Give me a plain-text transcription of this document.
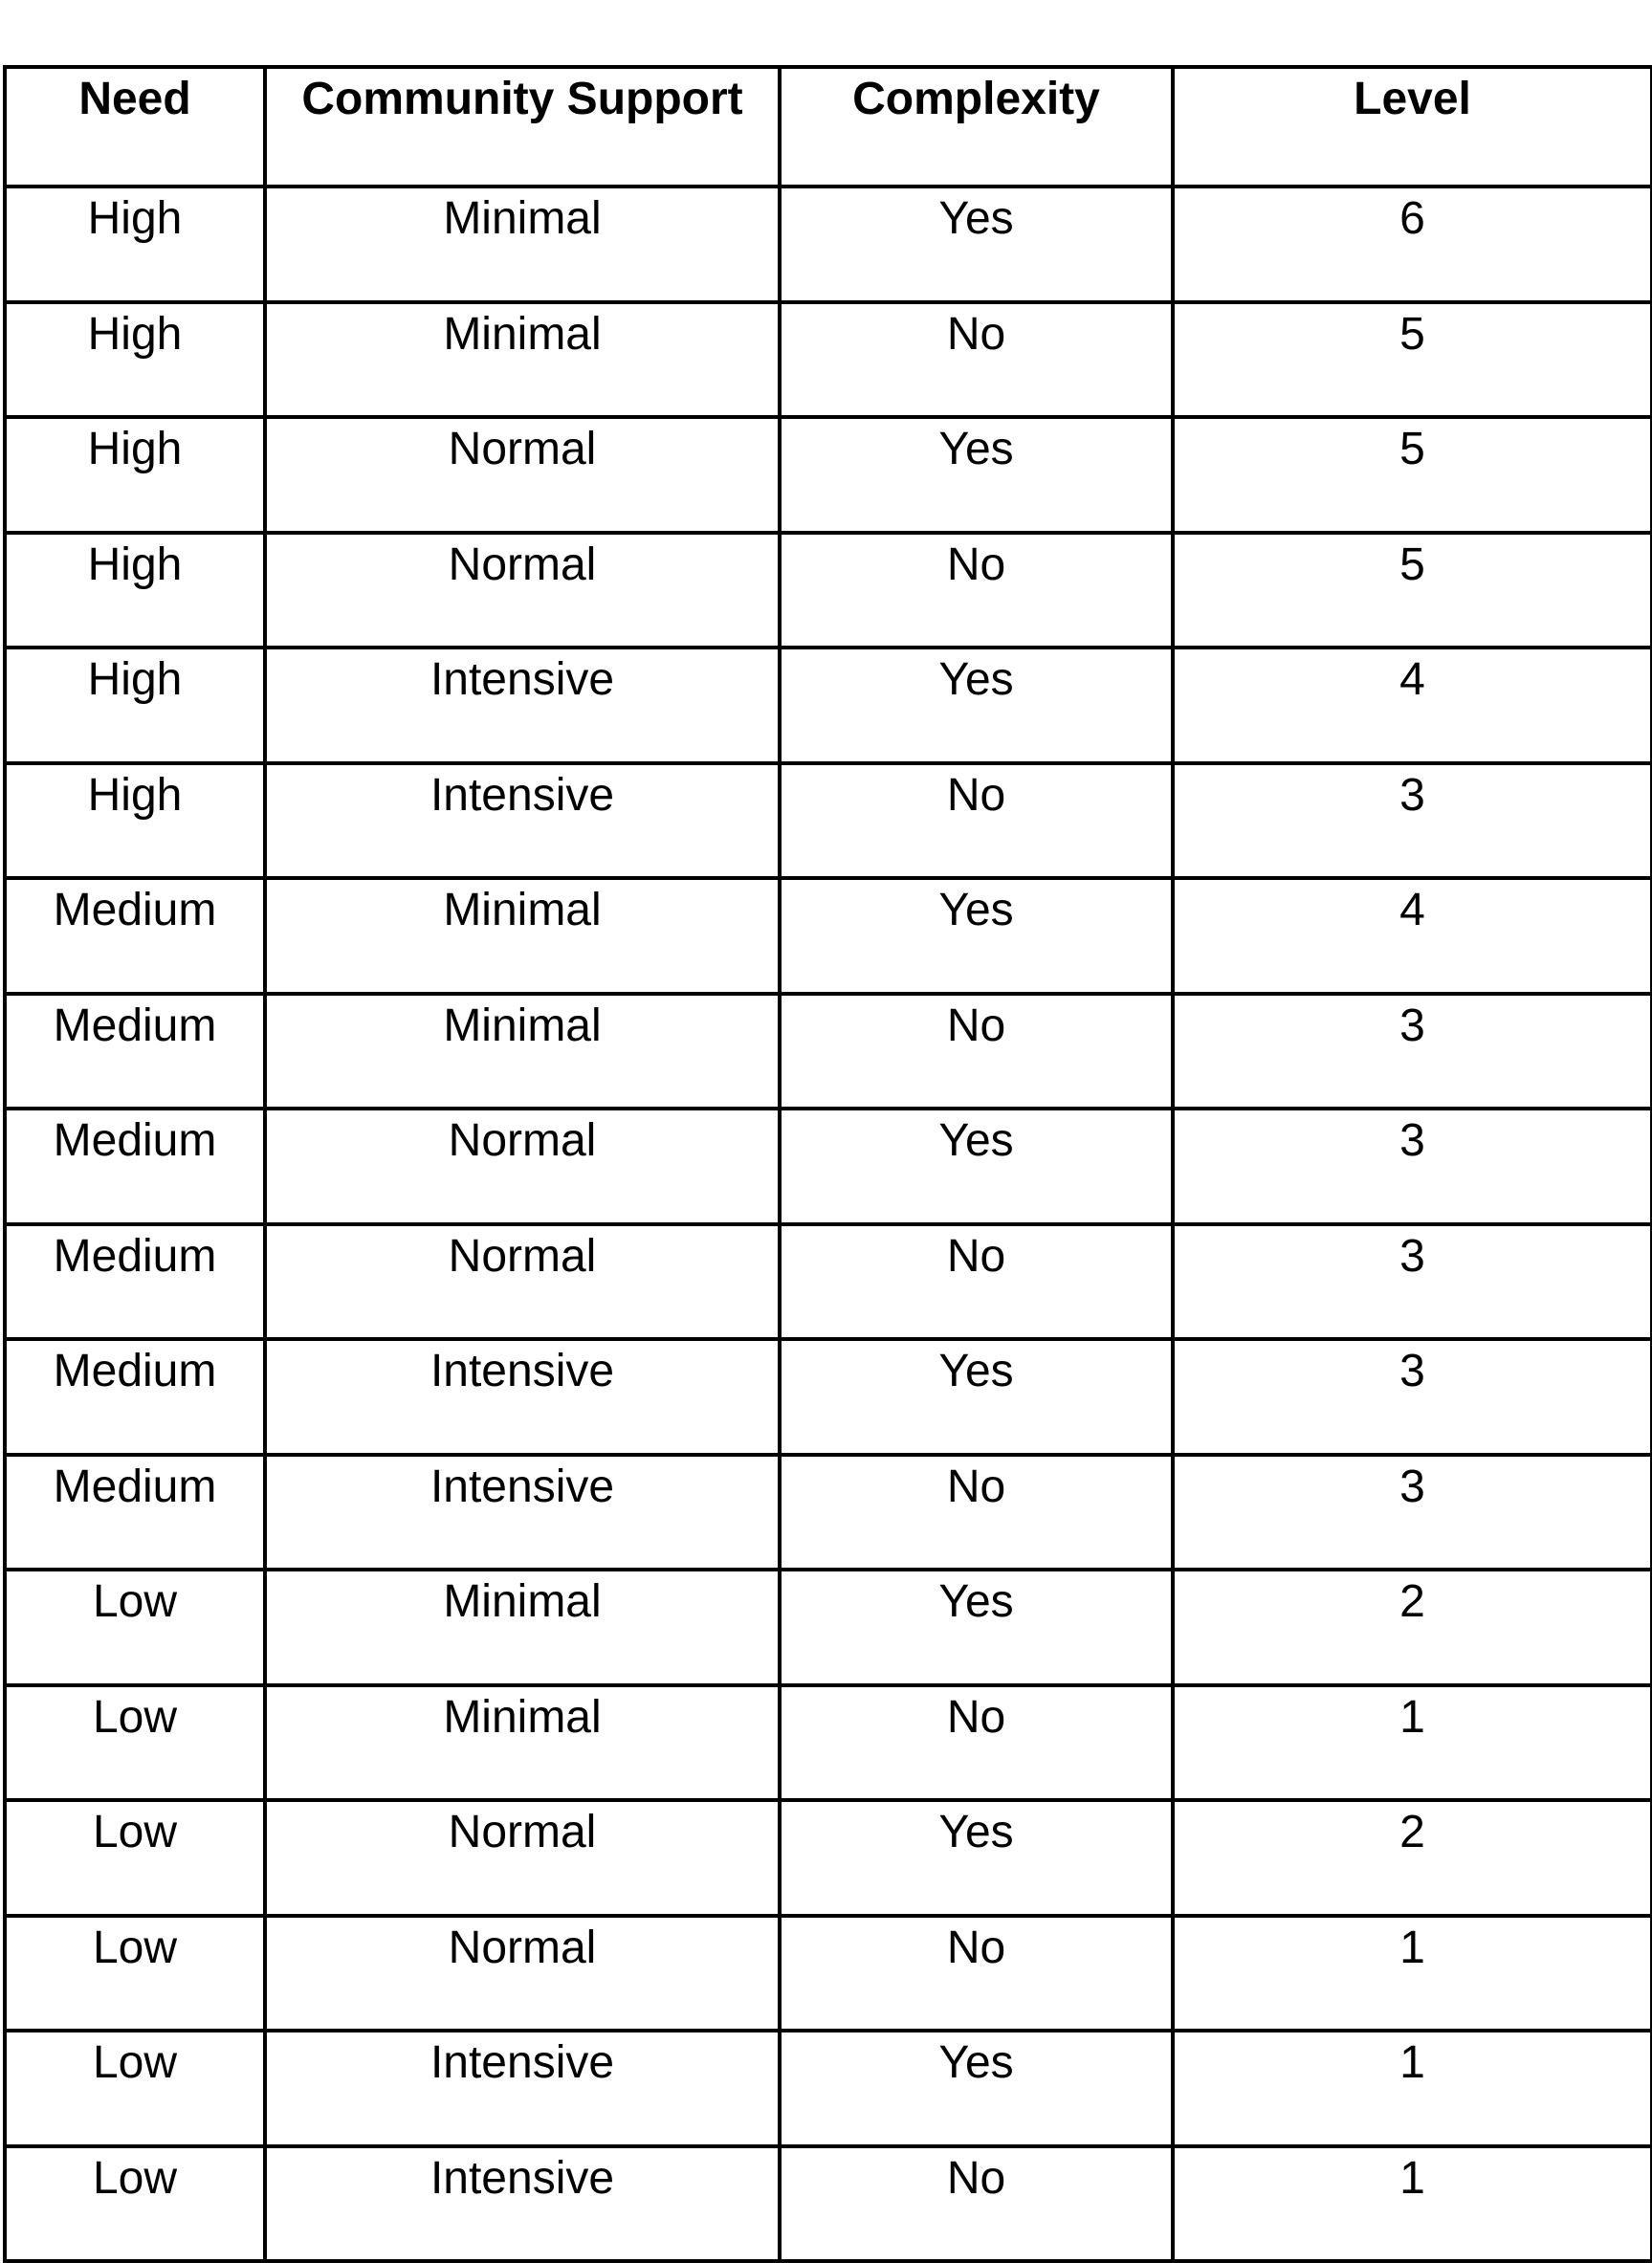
Need	Community Support	Complexity	Level
High	Minimal	Yes	6
High	Minimal	No	5
High	Normal	Yes	5
High	Normal	No	5
High	Intensive	Yes	4
High	Intensive	No	3
Medium	Minimal	Yes	4
Medium	Minimal	No	3
Medium	Normal	Yes	3
Medium	Normal	No	3
Medium	Intensive	Yes	3
Medium	Intensive	No	3
Low	Minimal	Yes	2
Low	Minimal	No	1
Low	Normal	Yes	2
Low	Normal	No	1
Low	Intensive	Yes	1
Low	Intensive	No	1
